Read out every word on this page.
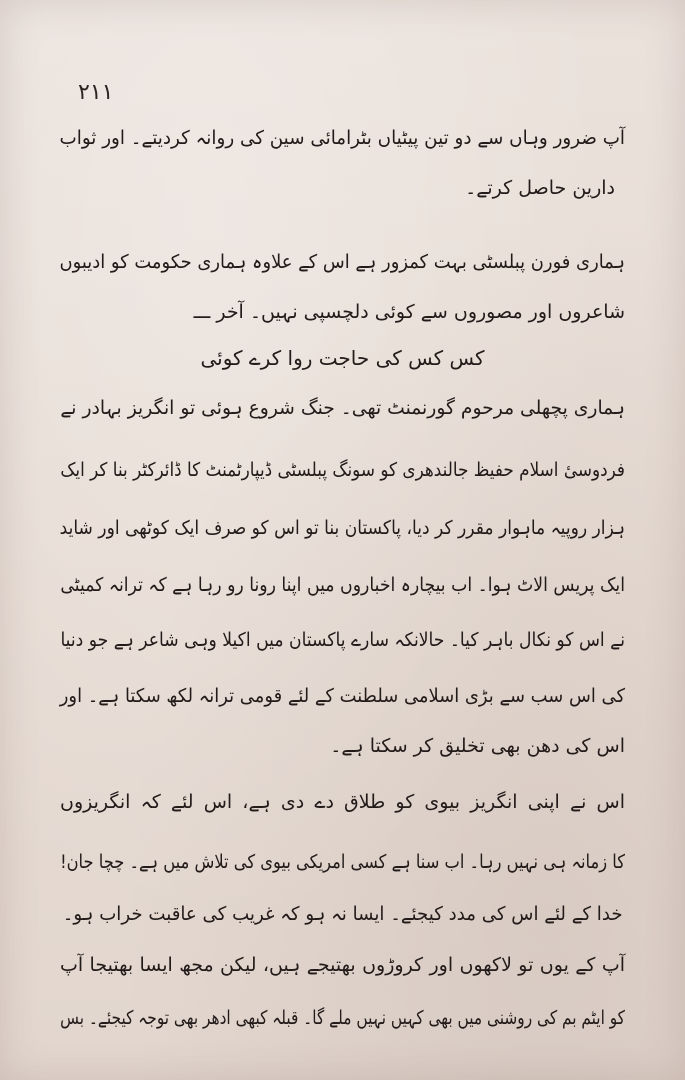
۲۱۱
آپ ضرور وہاں سے دو تین پیٹیاں بٹرامائی سین کی روانہ کردیتے۔ اور ثواب
دارین حاصل کرتے۔
ہماری فورن پبلسٹی بہت کمزور ہے اس کے علاوہ ہماری حکومت کو ادیبوں
شاعروں اور مصوروں سے کوئی دلچسپی نہیں۔ آخر ـــ
کس کس کی حاجت روا کرے کوئی
ہماری پچھلی مرحوم گورنمنٹ تھی۔ جنگ شروع ہوئی تو انگریز بہادر نے
فردوسیٔ اسلام حفیظ جالندھری کو سونگ پبلسٹی ڈیپارٹمنٹ کا ڈائرکٹر بنا کر ایک
ہزار روپیہ ماہوار مقرر کر دیا، پاکستان بنا تو اس کو صرف ایک کوٹھی اور شاید
ایک پریس الاٹ ہوا۔ اب بیچارہ اخباروں میں اپنا رونا رو رہا ہے کہ ترانہ کمیٹی
نے اس کو نکال باہر کیا۔ حالانکہ سارے پاکستان میں اکیلا وہی شاعر ہے جو دنیا
کی اس سب سے بڑی اسلامی سلطنت کے لئے قومی ترانہ لکھ سکتا ہے۔ اور
اس کی دھن بھی تخلیق کر سکتا ہے۔
اس نے اپنی انگریز بیوی کو طلاق دے دی ہے، اس لئے کہ انگریزوں
کا زمانہ ہی نہیں رہا۔ اب سنا ہے کسی امریکی بیوی کی تلاش میں ہے۔ چچا جان!
خدا کے لئے اس کی مدد کیجئے۔ ایسا نہ ہو کہ غریب کی عاقبت خراب ہو۔
آپ کے یوں تو لاکھوں اور کروڑوں بھتیجے ہیں، لیکن مجھ ایسا بھتیجا آپ
کو ایٹم بم کی روشنی میں بھی کہیں نہیں ملے گا۔ قبلہ کبھی ادھر بھی توجہ کیجئے۔ بس
